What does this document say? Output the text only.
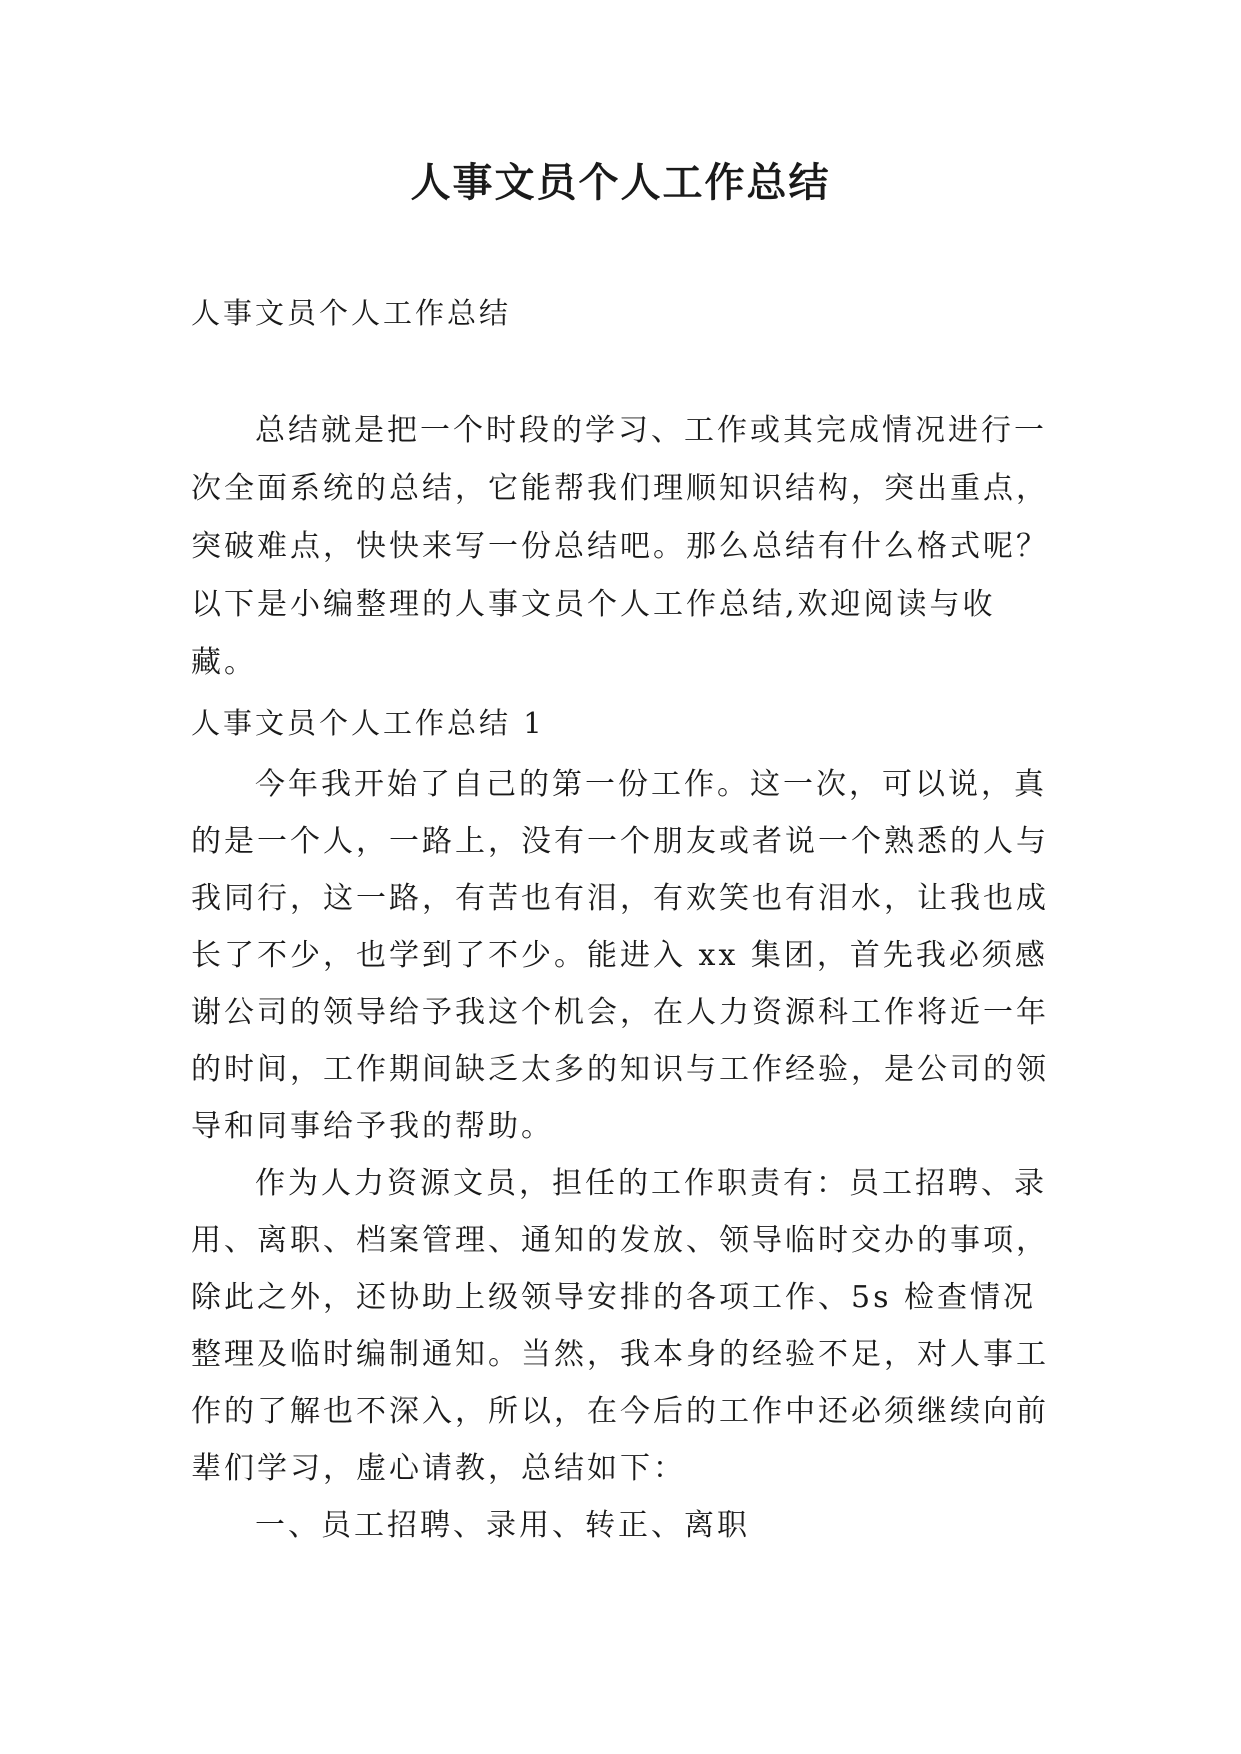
人事文员个人工作总结
人事文员个人工作总结

总结就是把一个时段的学习、工作或其完成情况进行一次全面系统的总结，它能帮我们理顺知识结构，突出重点，突破难点，快快来写一份总结吧。那么总结有什么格式呢？以下是小编整理的人事文员个人工作总结,欢迎阅读与收藏。

人事文员个人工作总结 1

今年我开始了自己的第一份工作。这一次，可以说，真的是一个人，一路上，没有一个朋友或者说一个熟悉的人与我同行，这一路，有苦也有泪，有欢笑也有泪水，让我也成长了不少，也学到了不少。能进入 xx 集团，首先我必须感谢公司的领导给予我这个机会，在人力资源科工作将近一年的时间，工作期间缺乏太多的知识与工作经验，是公司的领导和同事给予我的帮助。

作为人力资源文员，担任的工作职责有：员工招聘、录用、离职、档案管理、通知的发放、领导临时交办的事项，除此之外，还协助上级领导安排的各项工作、5s 检查情况整理及临时编制通知。当然，我本身的经验不足，对人事工作的了解也不深入，所以，在今后的工作中还必须继续向前辈们学习，虚心请教，总结如下：

一、员工招聘、录用、转正、离职
